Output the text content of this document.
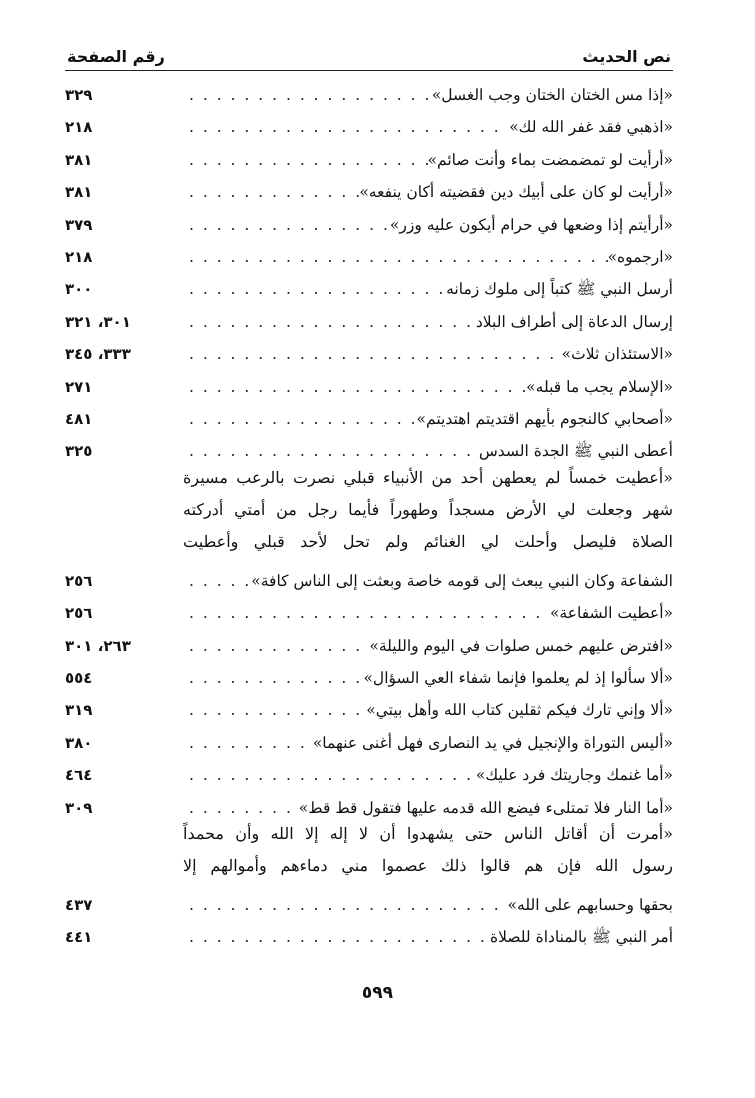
نص الحديث
رقم الصفحة
«إذا مس الختان الختان وجب الغسل»
. . .
٣٢٩
«اذهبي فقد غفر الله لك»
. . .
٢١٨
«أرأيت لو تمضمضت بماء وأنت صائم»
. . .
٣٨١
«أرأيت لو كان على أبيك دين فقضيته أكان ينفعه»
. . .
٣٨١
«أرأيتم إذا وضعها في حرام أيكون عليه وزر»
. . .
٣٧٩
«ارجموه»
. . .
٢١٨
أرسل النبي ﷺ كتباً إلى ملوك زمانه
. . .
٣٠٠
إرسال الدعاة إلى أطراف البلاد
. . .
٣٠١، ٣٢١
«الاستئذان ثلاث»
. . .
٣٣٣، ٣٤٥
«الإسلام يجب ما قبله»
. . .
٢٧١
«أصحابي كالنجوم بأيهم اقتديتم اهتديتم»
. . .
٤٨١
أعطى النبي ﷺ الجدة السدس
. . .
٣٢٥
«أعطيت خمساً لم يعطهن أحد من الأنبياء قبلي نصرت بالرعب مسيرة
شهر وجعلت لي الأرض مسجداً وطهوراً فأيما رجل من أمتي أدركته
الصلاة فليصل وأحلت لي الغنائم ولم تحل لأحد قبلي وأعطيت
الشفاعة وكان النبي يبعث إلى قومه خاصة وبعثت إلى الناس كافة»
. . .
٢٥٦
«أعطيت الشفاعة»
. . .
٢٥٦
«افترض عليهم خمس صلوات في اليوم والليلة»
. . .
٢٦٣، ٣٠١
«ألا سألوا إذ لم يعلموا فإنما شفاء العي السؤال»
. . .
٥٥٤
«ألا وإني تارك فيكم ثقلين كتاب الله وأهل بيتي»
. . .
٣١٩
«أليس التوراة والإنجيل في يد النصارى فهل أغنى عنهما»
. . .
٣٨٠
«أما غنمك وجاريتك فرد عليك»
. . .
٤٦٤
«أما النار فلا تمتلىء فيضع الله قدمه عليها فتقول قط قط»
. . .
٣٠٩
«أمرت أن أقاتل الناس حتى يشهدوا أن لا إله إلا الله وأن محمداً
رسول الله فإن هم قالوا ذلك عصموا مني دماءهم وأموالهم إلا
بحقها وحسابهم على الله»
. . .
٤٣٧
أمر النبي ﷺ بالمناداة للصلاة
. . .
٤٤١
٥٩٩
